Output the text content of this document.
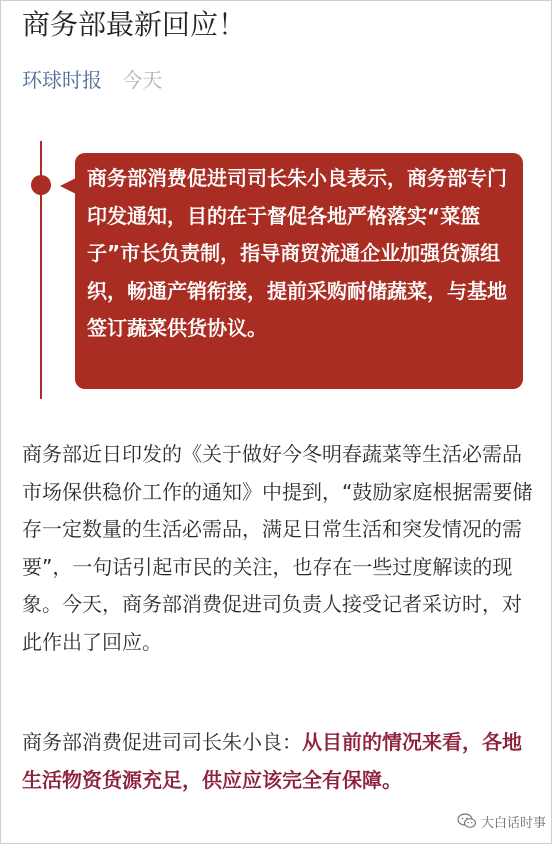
商务部最新回应！
环球时报 今天
商务部消费促进司司长朱小良表示，商务部专门印发通知，目的在于督促各地严格落实“菜篮子”市长负责制，指导商贸流通企业加强货源组织，畅通产销衔接，提前采购耐储蔬菜，与基地签订蔬菜供货协议。
商务部近日印发的《关于做好今冬明春蔬菜等生活必需品市场保供稳价工作的通知》中提到，“鼓励家庭根据需要储存一定数量的生活必需品，满足日常生活和突发情况的需要”，一句话引起市民的关注，也存在一些过度解读的现象。今天，商务部消费促进司负责人接受记者采访时，对此作出了回应。
商务部消费促进司司长朱小良：从目前的情况来看，各地生活物资货源充足，供应应该完全有保障。
大白话时事
